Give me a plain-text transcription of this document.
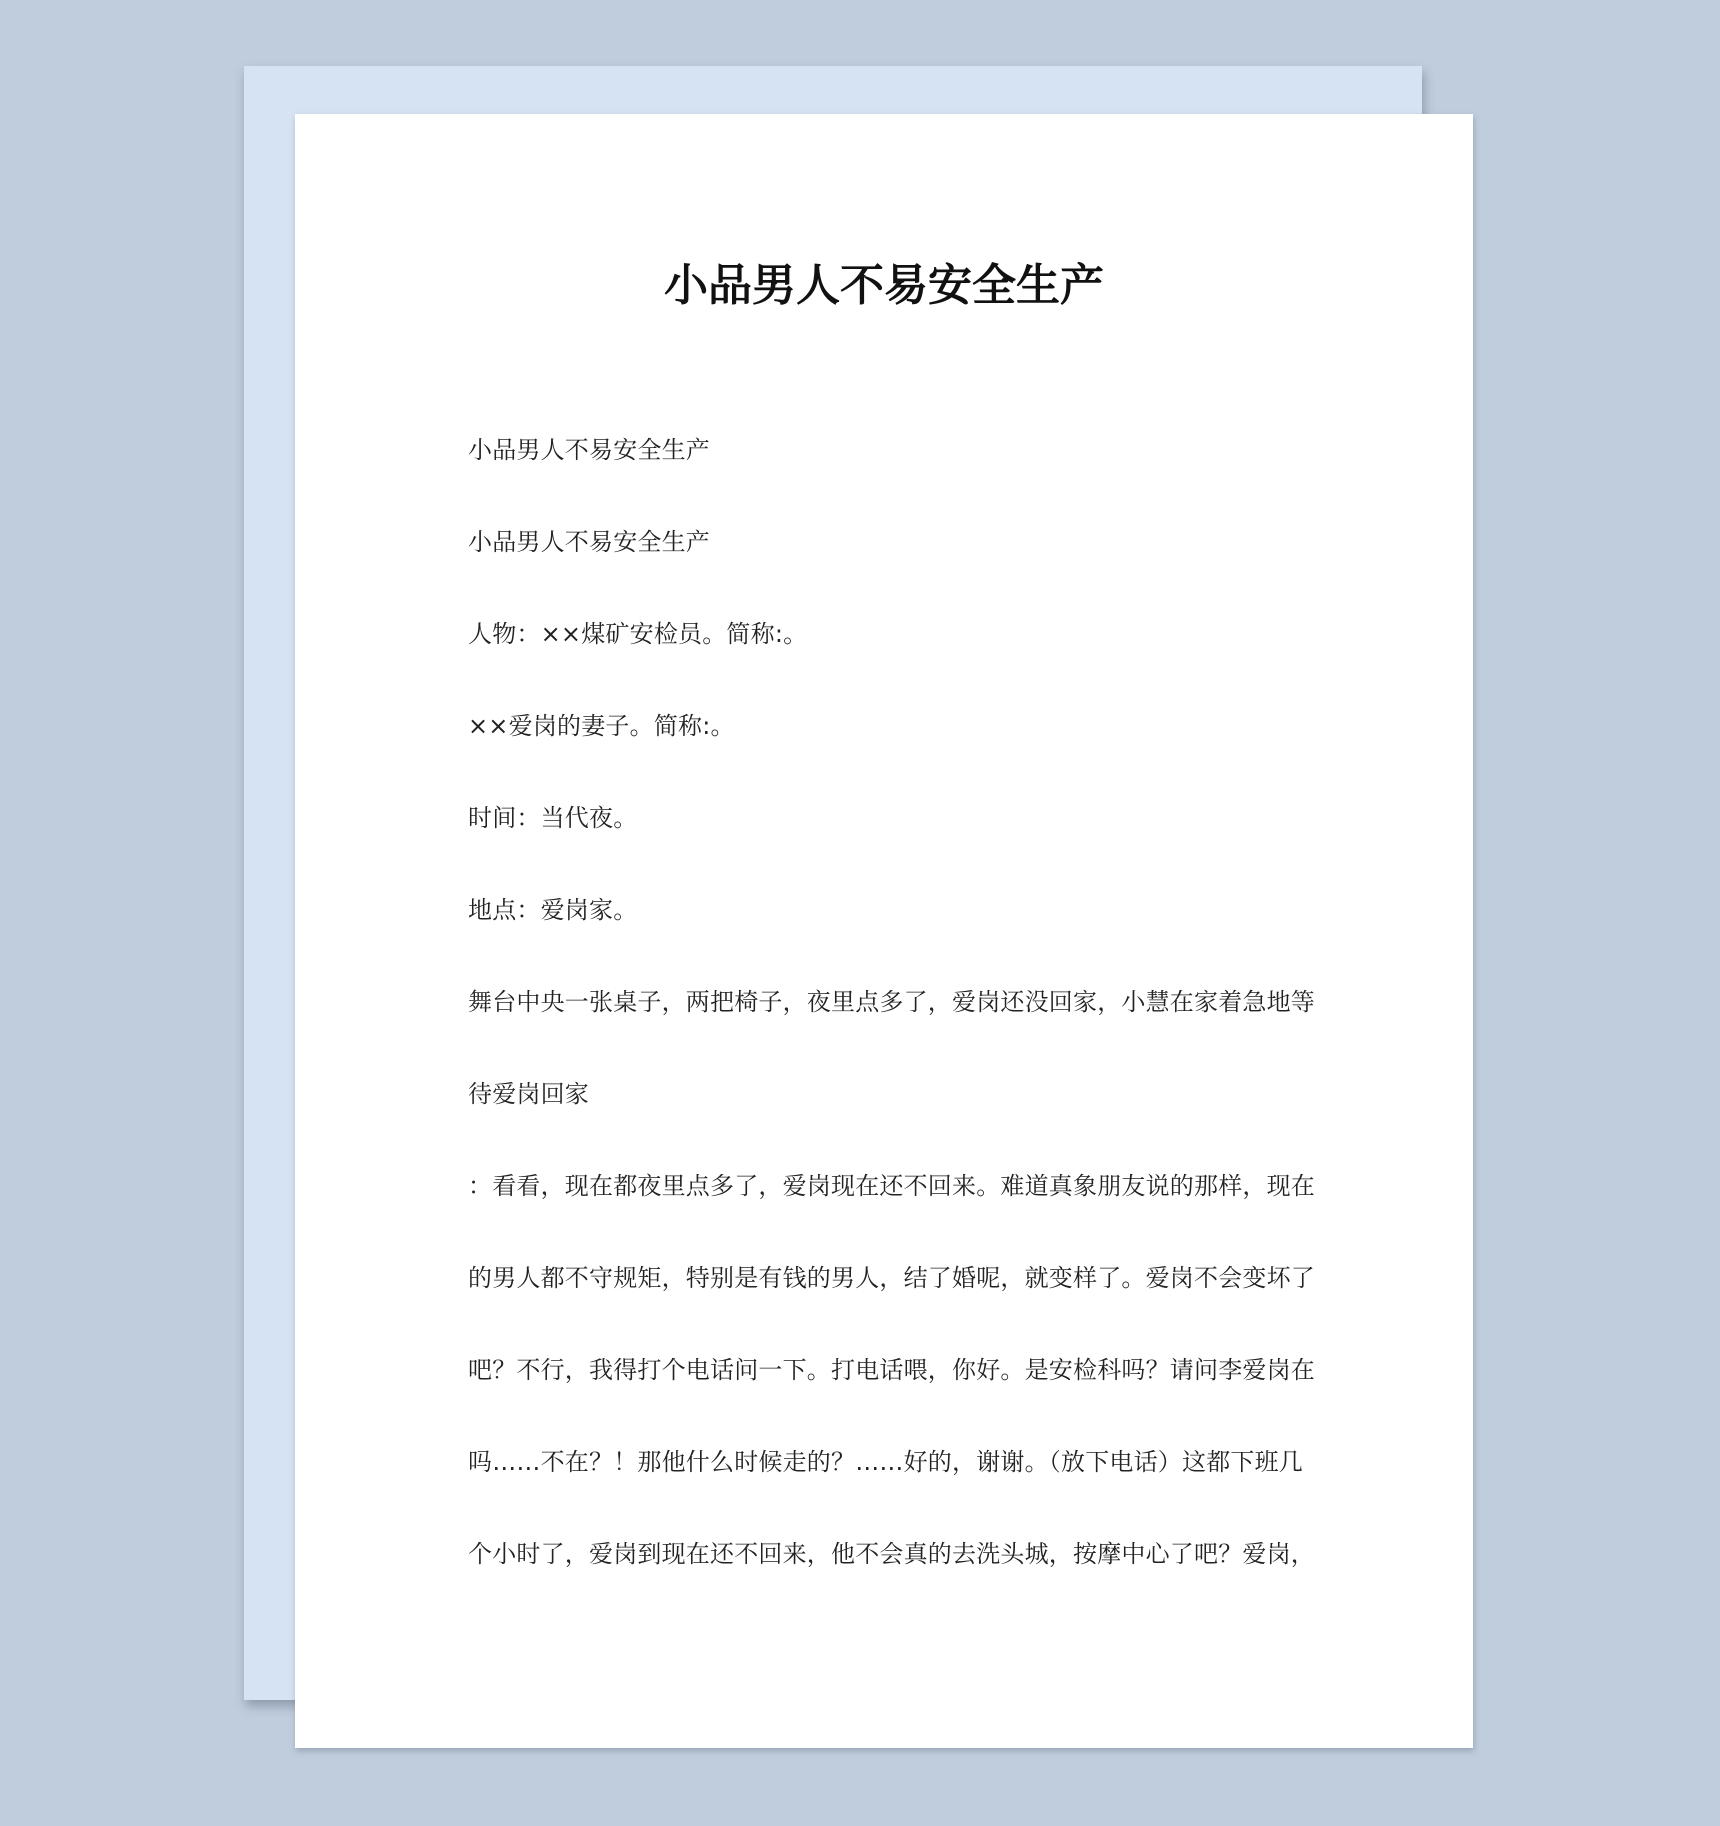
小品男人不易安全生产
小品男人不易安全生产
小品男人不易安全生产
人物：××煤矿安检员。简称:。
××爱岗的妻子。简称:。
时间：当代夜。
地点：爱岗家。
舞台中央一张桌子，两把椅子，夜里点多了，爱岗还没回家，小慧在家着急地等
待爱岗回家
：看看，现在都夜里点多了，爱岗现在还不回来。难道真象朋友说的那样，现在
的男人都不守规矩，特别是有钱的男人，结了婚呢，就变样了。爱岗不会变坏了
吧？不行，我得打个电话问一下。打电话喂，你好。是安检科吗？请问李爱岗在
吗……不在？！那他什么时候走的？……好的，谢谢。（放下电话）这都下班几
个小时了，爱岗到现在还不回来，他不会真的去洗头城，按摩中心了吧？爱岗，
